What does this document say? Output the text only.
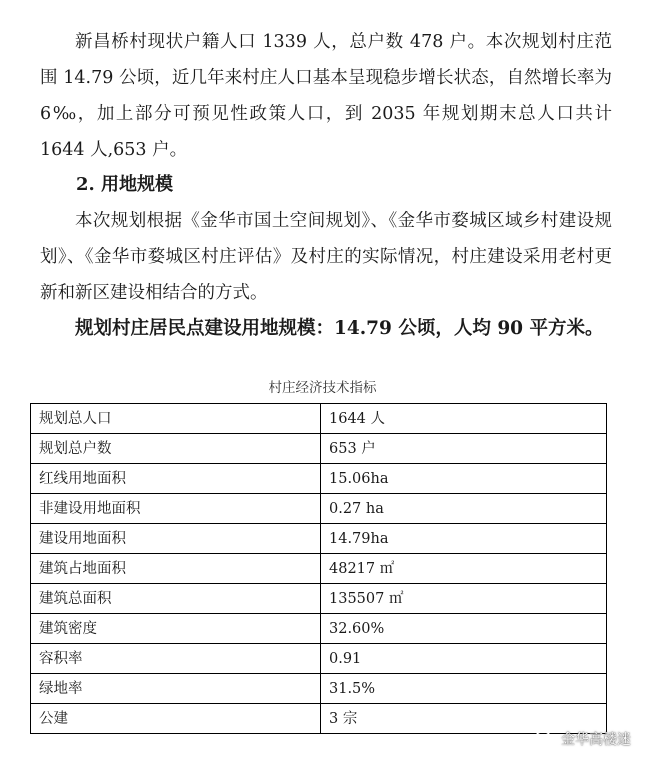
新昌桥村现状户籍人口 1339 人，总户数 478 户。本次规划村庄范围 14.79 公顷，近几年来村庄人口基本呈现稳步增长状态，自然增长率为 6‰，加上部分可预见性政策人口，到 2035 年规划期末总人口共计 1644 人,653 户。

2. 用地规模

本次规划根据《金华市国土空间规划》、《金华市婺城区域乡村建设规划》、《金华市婺城区村庄评估》及村庄的实际情况，村庄建设采用老村更新和新区建设相结合的方式。

规划村庄居民点建设用地规模：14.79 公顷，人均 90 平方米。

村庄经济技术指标
规划总人口	1644 人
规划总户数	653 户
红线用地面积	15.06ha
非建设用地面积	0.27 ha
建设用地面积	14.79ha
建筑占地面积	48217 ㎡
建筑总面积	135507 ㎡
建筑密度	32.60%
容积率	0.91
绿地率	31.5%
公建	3 宗
金华高楼迷
